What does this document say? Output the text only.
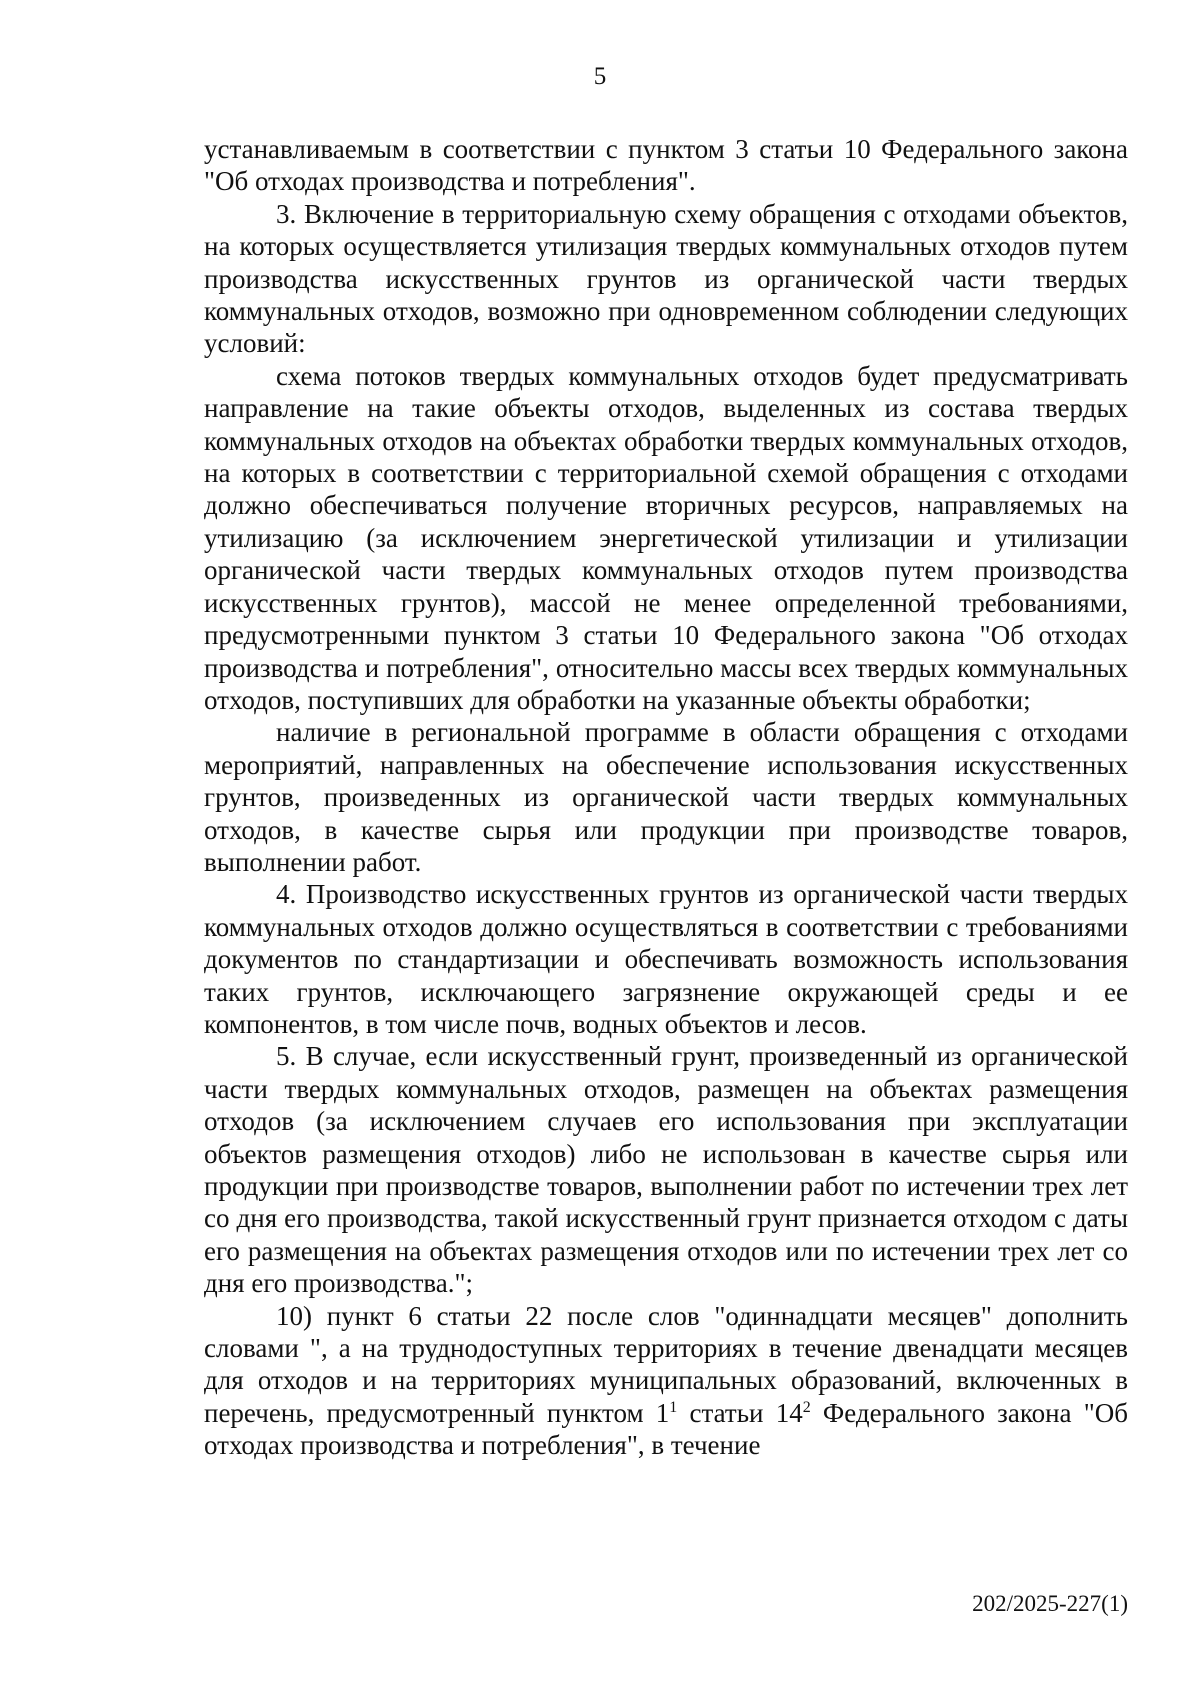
5

устанавливаемым в соответствии с пунктом 3 статьи 10 Федерального закона "Об отходах производства и потребления".

3. Включение в территориальную схему обращения с отходами объектов, на которых осуществляется утилизация твердых коммунальных отходов путем производства искусственных грунтов из органической части твердых коммунальных отходов, возможно при одновременном соблюдении следующих условий:

схема потоков твердых коммунальных отходов будет предусматривать направление на такие объекты отходов, выделенных из состава твердых коммунальных отходов на объектах обработки твердых коммунальных отходов, на которых в соответствии с территориальной схемой обращения с отходами должно обеспечиваться получение вторичных ресурсов, направляемых на утилизацию (за исключением энергетической утилизации и утилизации органической части твердых коммунальных отходов путем производства искусственных грунтов), массой не менее определенной требованиями, предусмотренными пунктом 3 статьи 10 Федерального закона "Об отходах производства и потребления", относительно массы всех твердых коммунальных отходов, поступивших для обработки на указанные объекты обработки;

наличие в региональной программе в области обращения с отходами мероприятий, направленных на обеспечение использования искусственных грунтов, произведенных из органической части твердых коммунальных отходов, в качестве сырья или продукции при производстве товаров, выполнении работ.

4. Производство искусственных грунтов из органической части твердых коммунальных отходов должно осуществляться в соответствии с требованиями документов по стандартизации и обеспечивать возможность использования таких грунтов, исключающего загрязнение окружающей среды и ее компонентов, в том числе почв, водных объектов и лесов.

5. В случае, если искусственный грунт, произведенный из органической части твердых коммунальных отходов, размещен на объектах размещения отходов (за исключением случаев его использования при эксплуатации объектов размещения отходов) либо не использован в качестве сырья или продукции при производстве товаров, выполнении работ по истечении трех лет со дня его производства, такой искусственный грунт признается отходом с даты его размещения на объектах размещения отходов или по истечении трех лет со дня его производства.";

10) пункт 6 статьи 22 после слов "одиннадцати месяцев" дополнить словами ", а на труднодоступных территориях в течение двенадцати месяцев для отходов и на территориях муниципальных образований, включенных в перечень, предусмотренный пунктом $1^1$ статьи $14^2$ Федерального закона "Об отходах производства и потребления", в течение

202/2025-227(1)
